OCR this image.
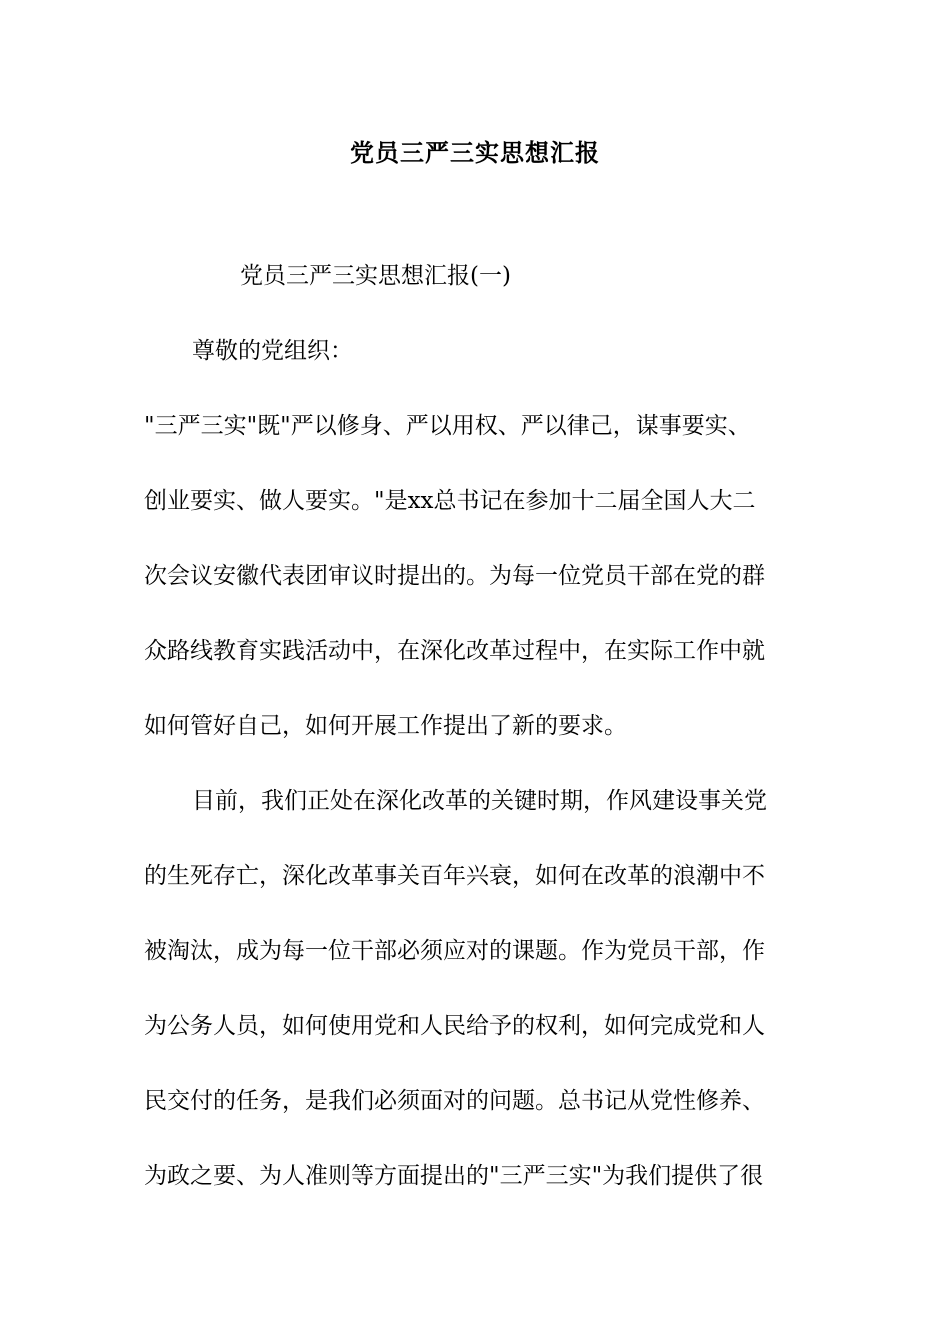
党员三严三实思想汇报
党员三严三实思想汇报(一)
尊敬的党组织：
"三严三实"既"严以修身、严以用权、严以律己，谋事要实、
创业要实、做人要实。"是xx总书记在参加十二届全国人大二
次会议安徽代表团审议时提出的。为每一位党员干部在党的群
众路线教育实践活动中，在深化改革过程中，在实际工作中就
如何管好自己，如何开展工作提出了新的要求。
目前，我们正处在深化改革的关键时期，作风建设事关党
的生死存亡，深化改革事关百年兴衰，如何在改革的浪潮中不
被淘汰，成为每一位干部必须应对的课题。作为党员干部，作
为公务人员，如何使用党和人民给予的权利，如何完成党和人
民交付的任务，是我们必须面对的问题。总书记从党性修养、
为政之要、为人准则等方面提出的"三严三实"为我们提供了很
